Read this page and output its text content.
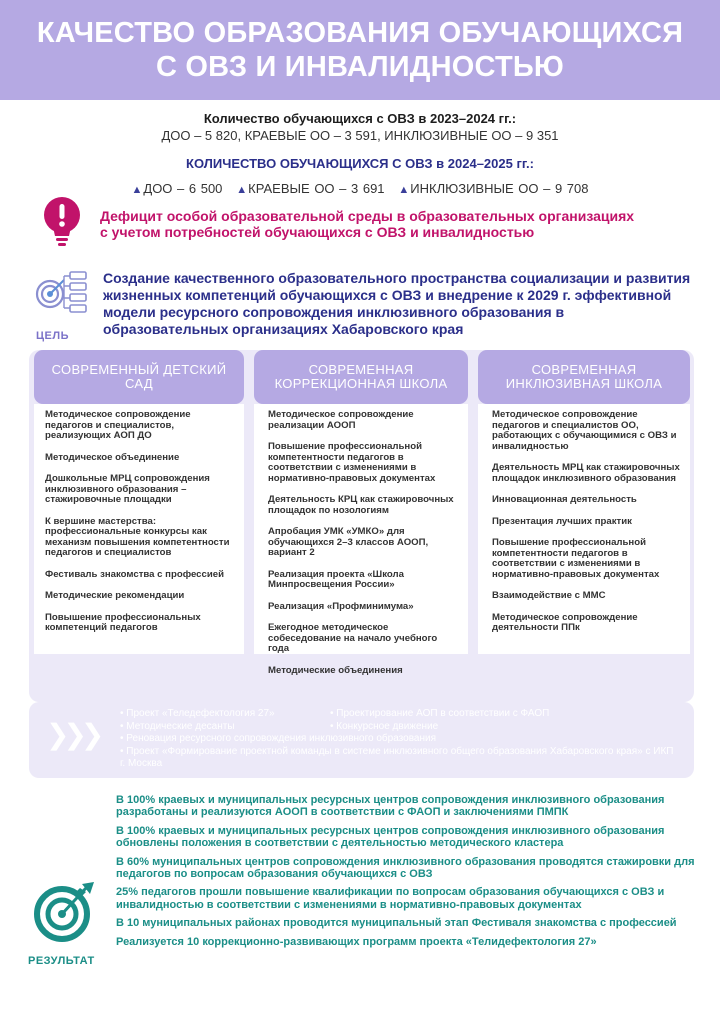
КАЧЕСТВО ОБРАЗОВАНИЯ ОБУЧАЮЩИХСЯ
С ОВЗ И ИНВАЛИДНОСТЬЮ
Количество обучающихся с ОВЗ в 2023–2024 гг.:
ДОО – 5 820, КРАЕВЫЕ ОО – 3 591, ИНКЛЮЗИВНЫЕ ОО – 9 351
КОЛИЧЕСТВО ОБУЧАЮЩИХСЯ С ОВЗ в 2024–2025 гг.:
▲ДОО – 6 500 ▲КРАЕВЫЕ ОО – 3 691 ▲ИНКЛЮЗИВНЫЕ ОО – 9 708
Дефицит особой образовательной среды в образовательных организациях с учетом потребностей обучающихся с ОВЗ и инвалидностью
ЦЕЛЬ
Создание качественного образовательного пространства социализации и развития жизненных компетенций обучающихся с ОВЗ и внедрение к 2029 г. эффективной модели ресурсного сопровождения инклюзивного образования в образовательных организациях Хабаровского края
СОВРЕМЕННЫЙ ДЕТСКИЙ САД
СОВРЕМЕННАЯ КОРРЕКЦИОННАЯ ШКОЛА
СОВРЕМЕННАЯ ИНКЛЮЗИВНАЯ ШКОЛА
Методическое сопровождение педагогов и специалистов, реализующих АОП ДО
Методическое объединение
Дошкольные МРЦ сопровождения инклюзивного образования – стажировочные площадки
К вершине мастерства: профессиональные конкурсы как механизм повышения компетентности педагогов и специалистов
Фестиваль знакомства с профессией
Методические рекомендации
Повышение профессиональных компетенций педагогов
Методическое сопровождение реализации АООП
Повышение профессиональной компетентности педагогов в соответствии с изменениями в нормативно-правовых документах
Деятельность КРЦ как стажировочных площадок по нозологиям
Апробация УМК «УМКО» для обучающихся 2–3 классов АООП, вариант 2
Реализация проекта «Школа Минпросвещения России»
Реализация «Профминимума»
Ежегодное методическое собеседование на начало учебного года
Методические объединения
Методическое сопровождение педагогов и специалистов ОО, работающих с обучающимися с ОВЗ и инвалидностью
Деятельность МРЦ как стажировочных площадок инклюзивного образования
Инновационная деятельность
Презентация лучших практик
Повышение профессиональной компетентности педагогов в соответствии с изменениями в нормативно-правовых документах
Взаимодействие с ММС
Методическое сопровождение деятельности ППк
❯❯❯
• Проект «Теледефектология 27»	• Проектирование АОП в соответствии с ФАОП
• Методические десанты	• Конкурсное движение
• Реновация ресурсного сопровождения инклюзивного образования
• Проект «Формирование проектной команды в системе инклюзивного общего образования Хабаровского края» с ИКП г. Москва
РЕЗУЛЬТАТ
В 100% краевых и муниципальных ресурсных центров сопровождения инклюзивного образования разработаны и реализуются АООП в соответствии с ФАОП и заключениями ПМПК
В 100% краевых и муниципальных ресурсных центров сопровождения инклюзивного образования обновлены положения в соответствии с деятельностью методического кластера
В 60% муниципальных центров сопровождения инклюзивного образования проводятся стажировки для педагогов по вопросам образования обучающихся с ОВЗ
25% педагогов прошли повышение квалификации по вопросам образования обучающихся с ОВЗ и инвалидностью в соответствии с изменениями в нормативно-правовых документах
В 10 муниципальных районах проводится муниципальный этап Фестиваля знакомства с профессией
Реализуется 10 коррекционно-развивающих программ проекта «Телидефектология 27»
